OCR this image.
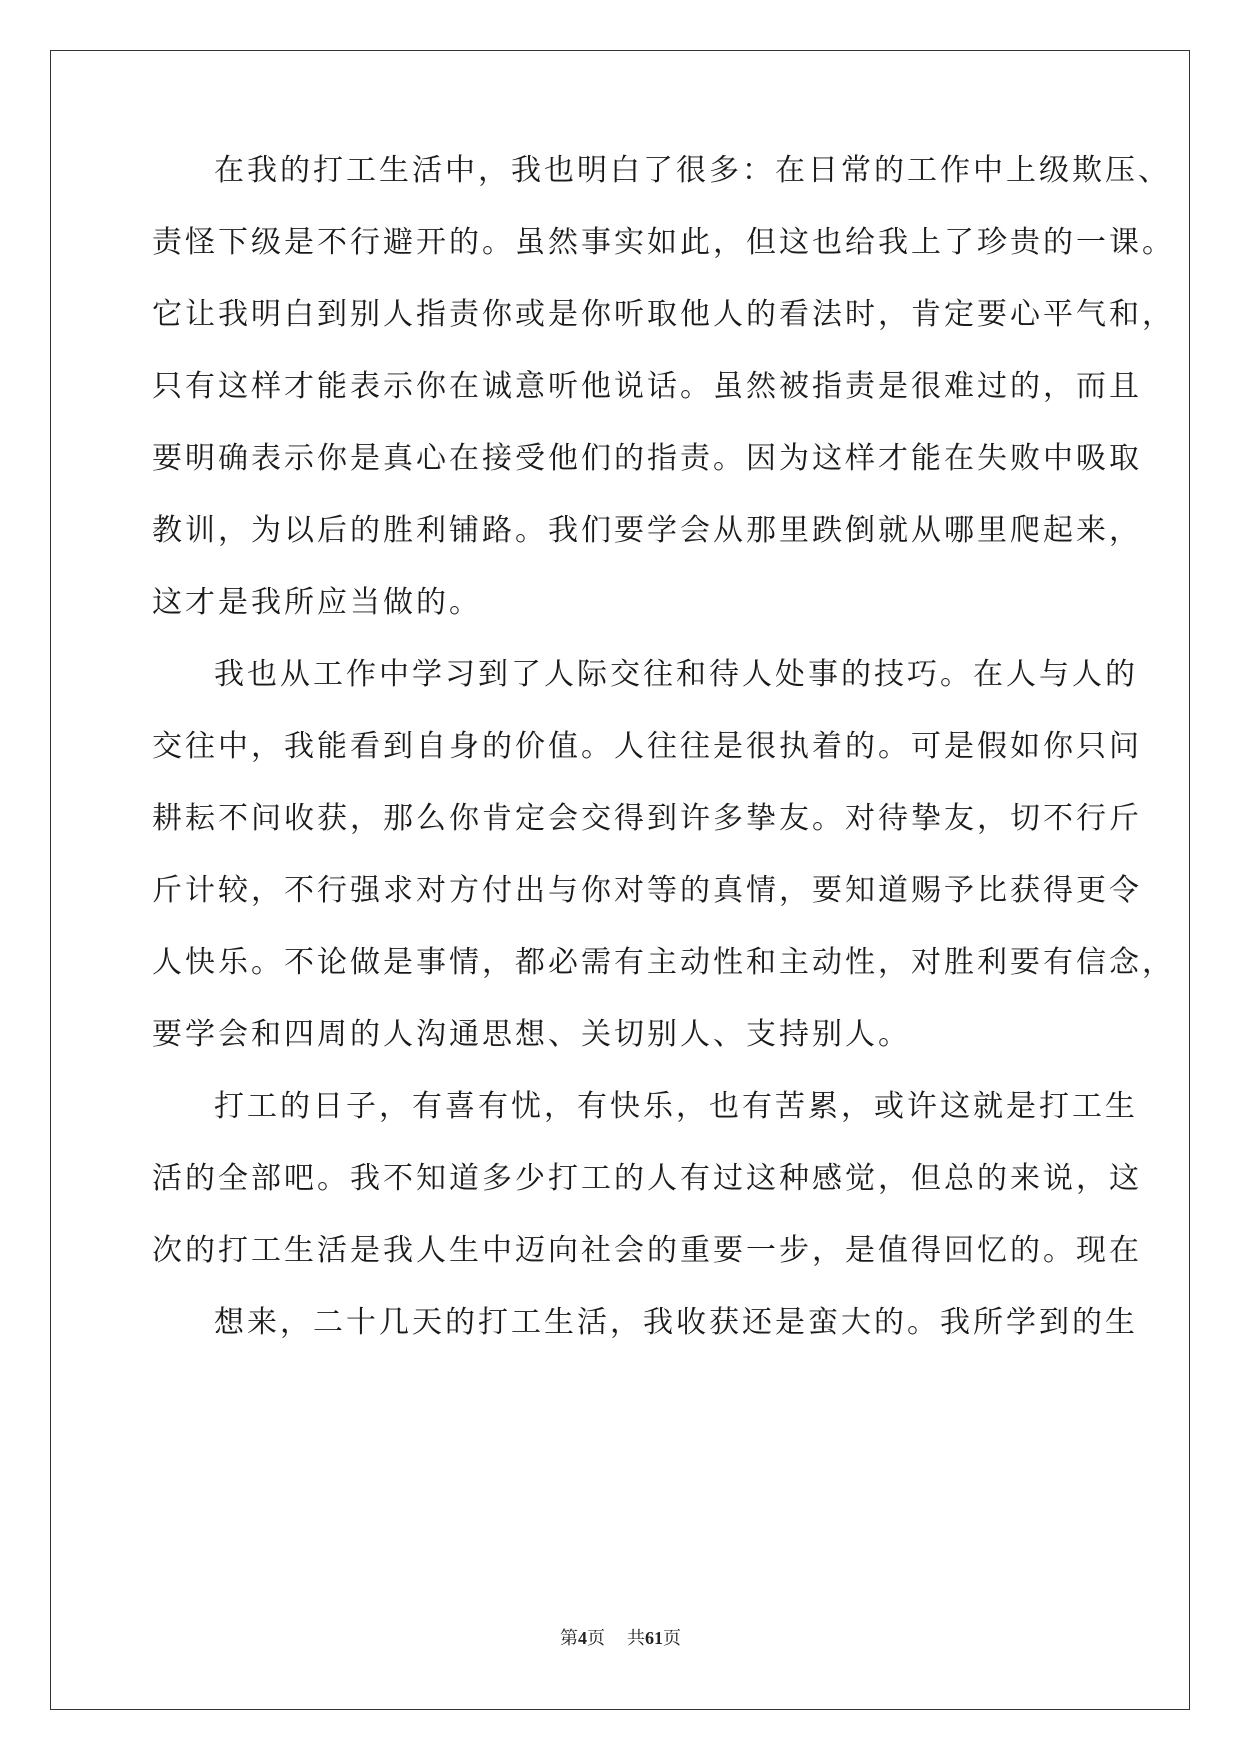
在我的打工生活中，我也明白了很多：在日常的工作中上级欺压、

责怪下级是不行避开的。虽然事实如此，但这也给我上了珍贵的一课。

它让我明白到别人指责你或是你听取他人的看法时，肯定要心平气和，

只有这样才能表示你在诚意听他说话。虽然被指责是很难过的，而且

要明确表示你是真心在接受他们的指责。因为这样才能在失败中吸取

教训，为以后的胜利铺路。我们要学会从那里跌倒就从哪里爬起来，

这才是我所应当做的。

我也从工作中学习到了人际交往和待人处事的技巧。在人与人的

交往中，我能看到自身的价值。人往往是很执着的。可是假如你只问

耕耘不问收获，那么你肯定会交得到许多挚友。对待挚友，切不行斤

斤计较，不行强求对方付出与你对等的真情，要知道赐予比获得更令

人快乐。不论做是事情，都必需有主动性和主动性，对胜利要有信念，

要学会和四周的人沟通思想、关切别人、支持别人。

打工的日子，有喜有忧，有快乐，也有苦累，或许这就是打工生

活的全部吧。我不知道多少打工的人有过这种感觉，但总的来说，这

次的打工生活是我人生中迈向社会的重要一步，是值得回忆的。现在

想来，二十几天的打工生活，我收获还是蛮大的。我所学到的生

第4页 共61页
